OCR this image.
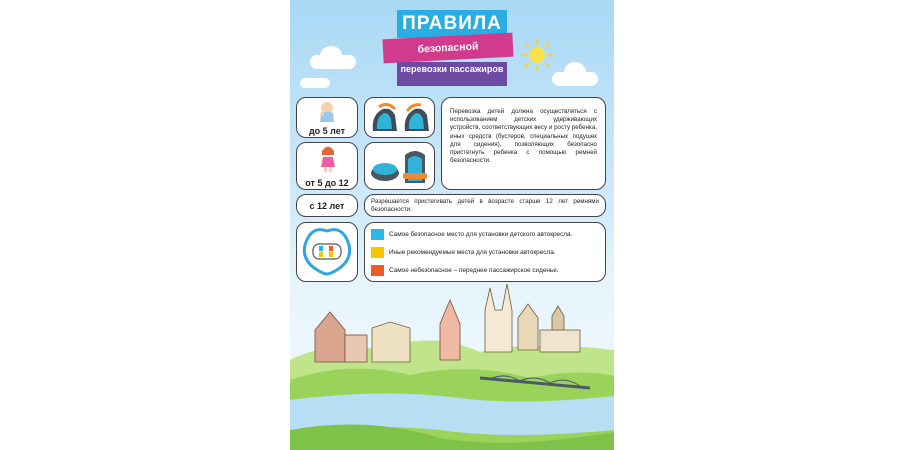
ПРАВИЛА
безопасной
перевозки пассажиров
до 5 лет
от 5 до 12
Перевозка детей должна осуществляться с использованием детских удерживающих устройств, соответствующих весу и росту ребенка, иных средств (бустеров, специальных подушек для сидения), позволяющих безопасно пристегнуть ребенка с помощью ремней безопасности.
с 12 лет	Разрешается пристегивать детей в возрасте старше 12 лет ремнями безопасности.
Самое безопасное место для установки детского автокресла.
Иные рекомендуемые места для установки автокресла.
Самое небезопасное – переднее пассажирское сиденье.
